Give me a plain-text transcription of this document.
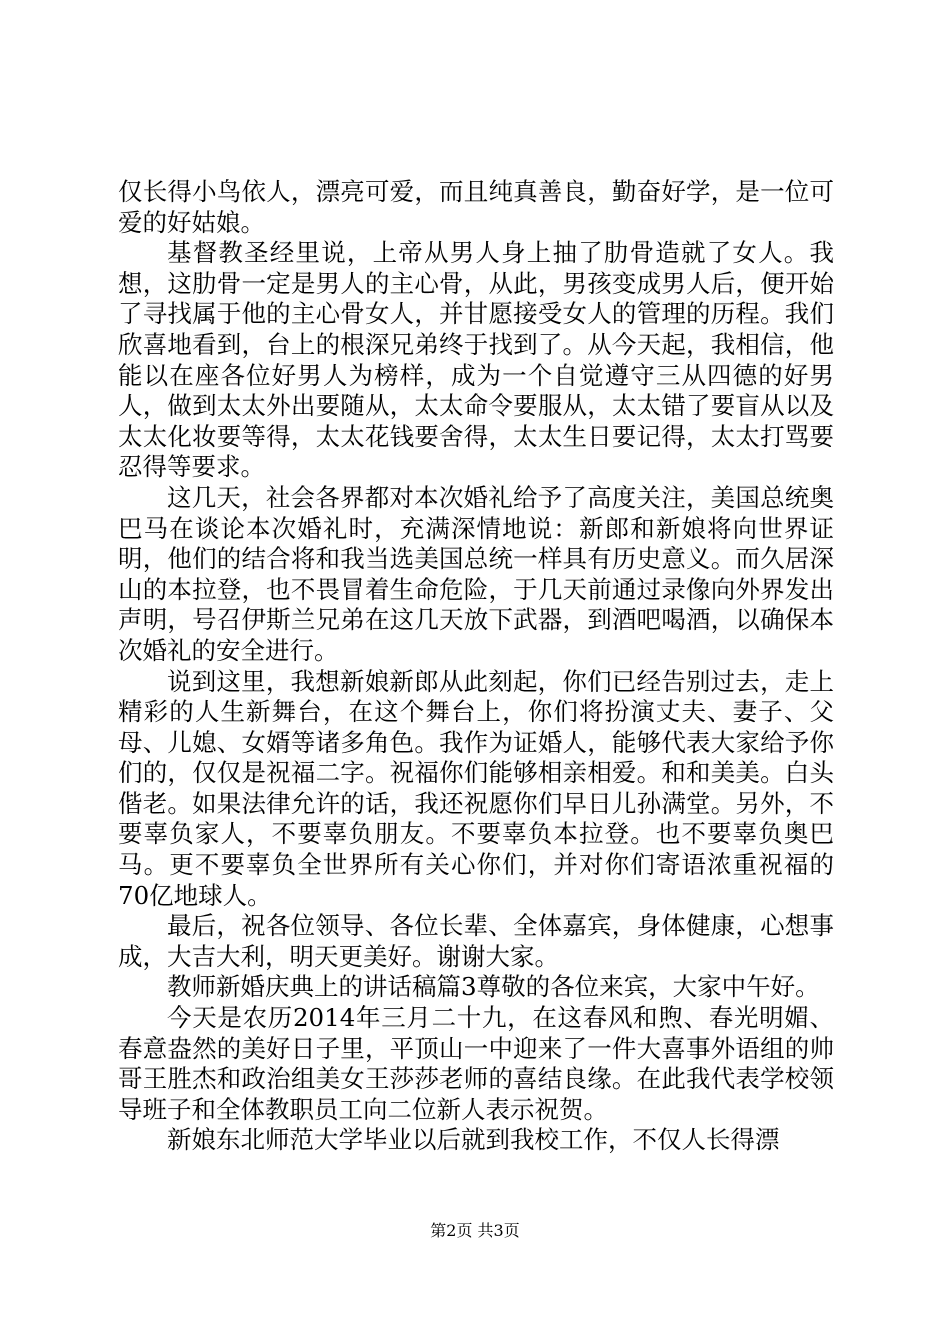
仅长得小鸟依人，漂亮可爱，而且纯真善良，勤奋好学，是一位可爱的好姑娘。

基督教圣经里说，上帝从男人身上抽了肋骨造就了女人。我想，这肋骨一定是男人的主心骨，从此，男孩变成男人后，便开始了寻找属于他的主心骨女人，并甘愿接受女人的管理的历程。我们欣喜地看到，台上的根深兄弟终于找到了。从今天起，我相信，他能以在座各位好男人为榜样，成为一个自觉遵守三从四德的好男人，做到太太外出要随从，太太命令要服从，太太错了要盲从以及太太化妆要等得，太太花钱要舍得，太太生日要记得，太太打骂要忍得等要求。

这几天，社会各界都对本次婚礼给予了高度关注，美国总统奥巴马在谈论本次婚礼时，充满深情地说：新郎和新娘将向世界证明，他们的结合将和我当选美国总统一样具有历史意义。而久居深山的本拉登，也不畏冒着生命危险，于几天前通过录像向外界发出声明，号召伊斯兰兄弟在这几天放下武器，到酒吧喝酒，以确保本次婚礼的安全进行。

说到这里，我想新娘新郎从此刻起，你们已经告别过去，走上精彩的人生新舞台，在这个舞台上，你们将扮演丈夫、妻子、父母、儿媳、女婿等诸多角色。我作为证婚人，能够代表大家给予你们的，仅仅是祝福二字。祝福你们能够相亲相爱。和和美美。白头偕老。如果法律允许的话，我还祝愿你们早日儿孙满堂。另外，不要辜负家人，不要辜负朋友。不要辜负本拉登。也不要辜负奥巴马。更不要辜负全世界所有关心你们，并对你们寄语浓重祝福的70亿地球人。

最后，祝各位领导、各位长辈、全体嘉宾，身体健康，心想事成，大吉大利，明天更美好。谢谢大家。

教师新婚庆典上的讲话稿篇3尊敬的各位来宾，大家中午好。

今天是农历2014年三月二十九，在这春风和煦、春光明媚、春意盎然的美好日子里，平顶山一中迎来了一件大喜事外语组的帅哥王胜杰和政治组美女王莎莎老师的喜结良缘。在此我代表学校领导班子和全体教职员工向二位新人表示祝贺。

新娘东北师范大学毕业以后就到我校工作，不仅人长得漂

第2页 共3页
